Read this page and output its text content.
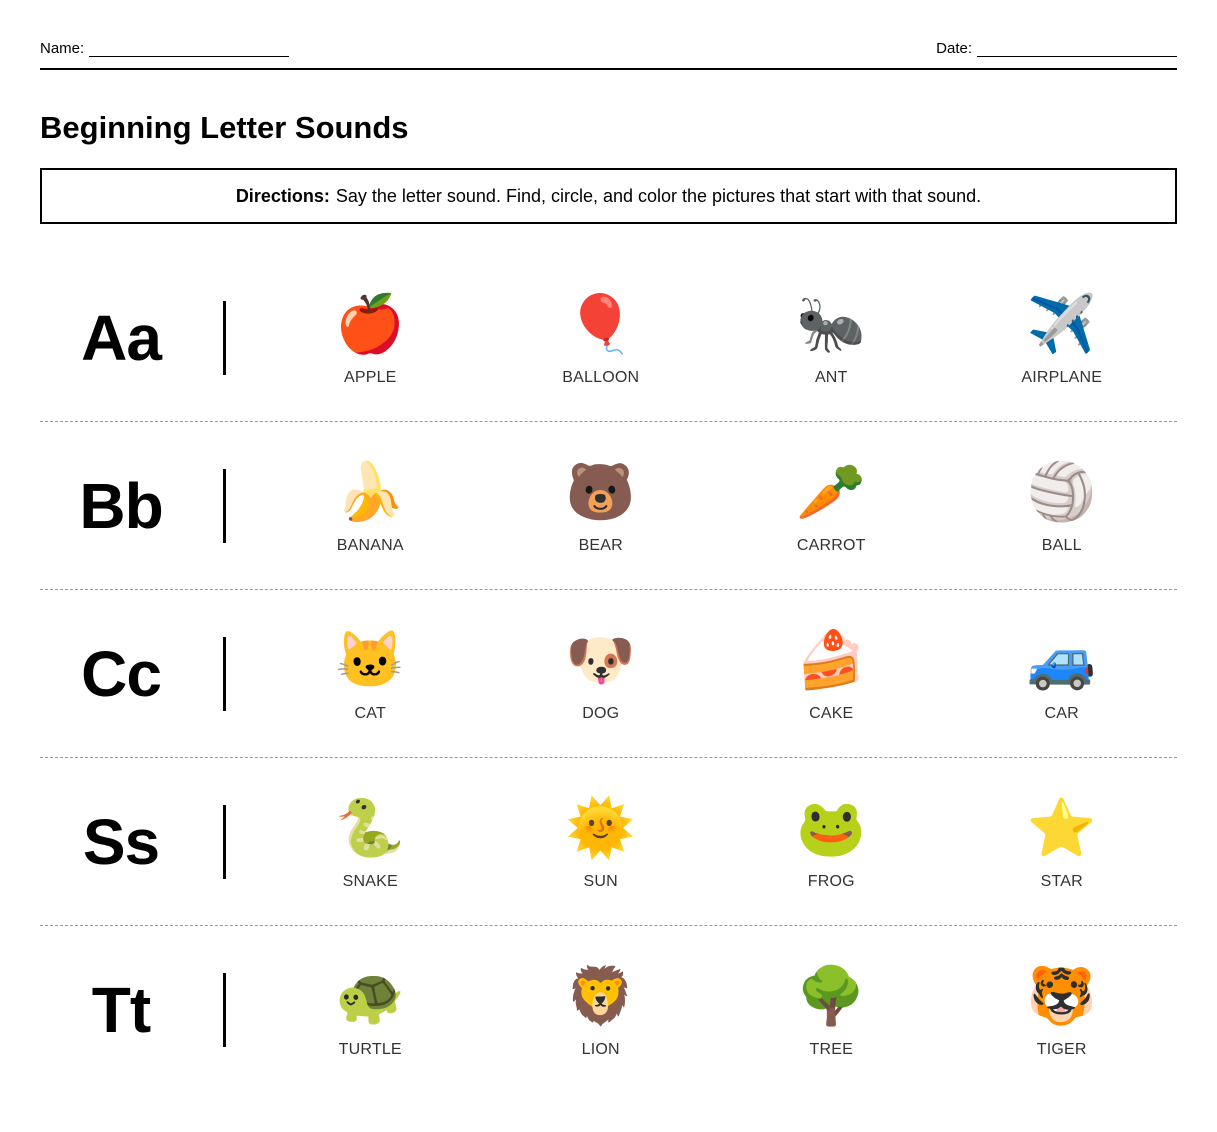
Name:	Date:
Beginning Letter Sounds
Directions: Say the letter sound. Find, circle, and color the pictures that start with that sound.
Aa	🍎
APPLE
🎈
BALLOON
🐜
ANT
✈️
AIRPLANE
Bb	🍌
BANANA
🐻
BEAR
🥕
CARROT
🏐
BALL
Cc	🐱
CAT
🐶
DOG
🍰
CAKE
🚙
CAR
Ss	🐍
SNAKE
🌞
SUN
🐸
FROG
⭐
STAR
Tt	🐢
TURTLE
🦁
LION
🌳
TREE
🐯
TIGER
